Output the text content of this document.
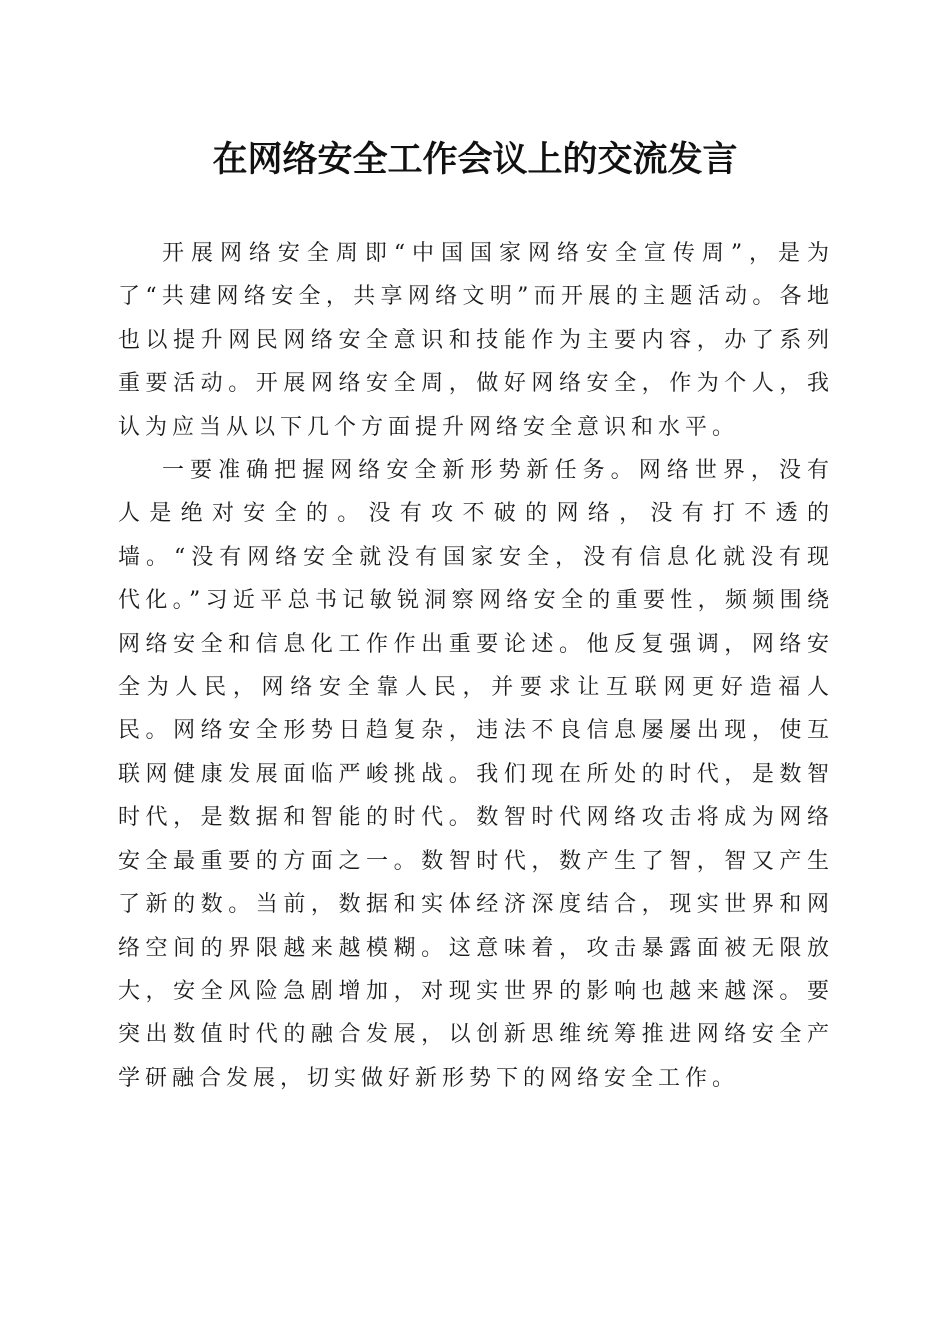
在网络安全工作会议上的交流发言

开展网络安全周即“中国国家网络安全宣传周”，是为了“共建网络安全，共享网络文明”而开展的主题活动。各地也以提升网民网络安全意识和技能作为主要内容，办了系列重要活动。开展网络安全周，做好网络安全，作为个人，我认为应当从以下几个方面提升网络安全意识和水平。

一要准确把握网络安全新形势新任务。网络世界，没有人是绝对安全的。没有攻不破的网络，没有打不透的墙。“没有网络安全就没有国家安全，没有信息化就没有现代化。”习近平总书记敏锐洞察网络安全的重要性，频频围绕网络安全和信息化工作作出重要论述。他反复强调，网络安全为人民，网络安全靠人民，并要求让互联网更好造福人民。网络安全形势日趋复杂，违法不良信息屡屡出现，使互联网健康发展面临严峻挑战。我们现在所处的时代，是数智时代，是数据和智能的时代。数智时代网络攻击将成为网络安全最重要的方面之一。数智时代，数产生了智，智又产生了新的数。当前，数据和实体经济深度结合，现实世界和网络空间的界限越来越模糊。这意味着，攻击暴露面被无限放大，安全风险急剧增加，对现实世界的影响也越来越深。要突出数值时代的融合发展，以创新思维统筹推进网络安全产学研融合发展，切实做好新形势下的网络安全工作。
